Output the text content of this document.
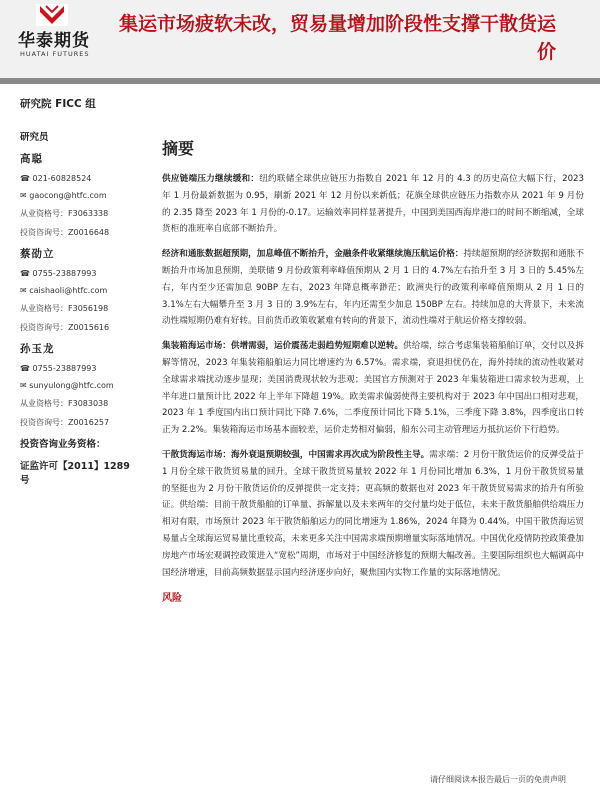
华泰期货
HUATAI FUTURES
集运市场疲软未改，贸易量增加阶段性支撑干散货运价
研究院 FICC 组
研究员
高聪
☎ 021-60828524
✉ gaocong@htfc.com
从业资格号：F3063338
投资咨询号：Z0016648
蔡劭立
☎ 0755-23887993
✉ caishaoli@htfc.com
从业资格号：F3056198
投资咨询号：Z0015616
孙玉龙
☎ 0755-23887993
✉ sunyulong@htfc.com
从业资格号：F3083038
投资咨询号：Z0016257
投资咨询业务资格：
证监许可【2011】1289 号
摘要
供应链端压力继续缓和：纽约联储全球供应链压力指数自 2021 年 12 月的 4.3 的历史高位大幅下行，2023 年 1 月份最新数据为 0.95，刷新 2021 年 12 月份以来新低；花旗全球供应链压力指数亦从 2021 年 9 月份的 2.35 降至 2023 年 1 月份的-0.17。运输效率同样显著提升，中国到美国西海岸港口的时间不断缩减，全球货柜的准班率自底部不断抬升。
经济和通胀数据超预期，加息峰值不断抬升，金融条件收紧继续施压航运价格：持续超预期的经济数据和通胀不断抬升市场加息预期，美联储 9 月份政策利率峰值预期从 2 月 1 日的 4.7%左右抬升至 3 月 3 日的 5.45%左右，年内至少还需加息 90BP 左右，2023 年降息概率渺茫；欧洲央行的政策利率峰值预期从 2 月 1 日的 3.1%左右大幅攀升至 3 月 3 日的 3.9%左右，年内还需至少加息 150BP 左右。持续加息的大背景下，未来流动性端短期仍难有好转。目前货币政策收紧难有转向的背景下，流动性端对于航运价格支撑较弱。
集装箱海运市场：供增需弱，运价震荡走弱趋势短期难以逆转。供给端，综合考虑集装箱船舶订单，交付以及拆解等情况，2023 年集装箱船舶运力同比增速约为 6.57%。需求端，衰退担忧仍在，海外持续的流动性收紧对全球需求端扰动逐步显现；美国消费现状较为悲观；美国官方预测对于 2023 年集装箱进口需求较为悲观，上半年进口量预计比 2022 年上半年下降超 19%。欧美需求偏弱使得主要机构对于 2023 年中国出口相对悲观，2023 年 1 季度国内出口预计同比下降 7.6%，二季度预计同比下降 5.1%，三季度下降 3.8%，四季度出口转正为 2.2%。集装箱海运市场基本面较差，运价走势相对偏弱，船东公司主动管理运力抵抗运价下行趋势。
干散货海运市场：海外衰退预期较强，中国需求再次成为阶段性主导。需求端：2 月份干散货运价的反弹受益于 1 月份全球干散货贸易量的回升。全球干散货贸易量较 2022 年 1 月份同比增加 6.3%，1 月份干散货贸易量的坚挺也为 2 月份干散货运价的反弹提供一定支持；更高频的数据也对 2023 年干散货贸易需求的抬升有所验证。供给端：目前干散货船舶的订单量、拆解量以及未来两年的交付量均处于低位，未来干散货船舶供给端压力相对有限，市场预计 2023 年干散货船舶运力的同比增速为 1.86%，2024 年降为 0.44%。中国干散货海运贸易量占全球海运贸易量比重较高，未来更多关注中国需求端预期增量实际落地情况。中国优化疫情防控政策叠加房地产市场宏观调控政策进入“宽松”周期，市场对于中国经济修复的预期大幅改善。主要国际组织也大幅调高中国经济增速，目前高频数据显示国内经济逐步向好，聚焦国内实物工作量的实际落地情况。
风险
请仔细阅读本报告最后一页的免责声明
